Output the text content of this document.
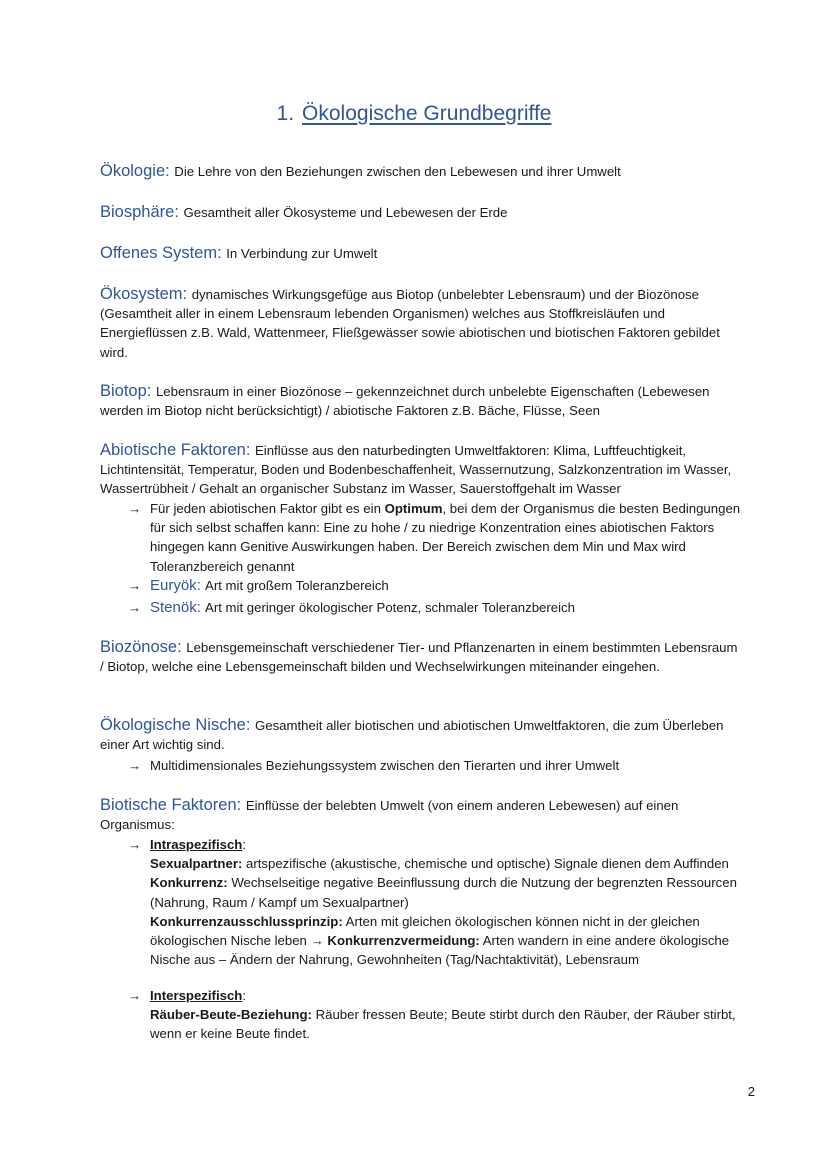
1. Ökologische Grundbegriffe
Ökologie: Die Lehre von den Beziehungen zwischen den Lebewesen und ihrer Umwelt
Biosphäre: Gesamtheit aller Ökosysteme und Lebewesen der Erde
Offenes System: In Verbindung zur Umwelt
Ökosystem: dynamisches Wirkungsgefüge aus Biotop (unbelebter Lebensraum) und der Biozönose (Gesamtheit aller in einem Lebensraum lebenden Organismen) welches aus Stoffkreisläufen und Energieflüssen z.B. Wald, Wattenmeer, Fließgewässer sowie abiotischen und biotischen Faktoren gebildet wird.
Biotop: Lebensraum in einer Biozönose – gekennzeichnet durch unbelebte Eigenschaften (Lebewesen werden im Biotop nicht berücksichtigt) / abiotische Faktoren z.B. Bäche, Flüsse, Seen
Abiotische Faktoren: Einflüsse aus den naturbedingten Umweltfaktoren: Klima, Luftfeuchtigkeit, Lichtintensität, Temperatur, Boden und Bodenbeschaffenheit, Wassernutzung, Salzkonzentration im Wasser, Wassertrübheit / Gehalt an organischer Substanz im Wasser, Sauerstoffgehalt im Wasser
→ Für jeden abiotischen Faktor gibt es ein Optimum, bei dem der Organismus die besten Bedingungen für sich selbst schaffen kann: Eine zu hohe / zu niedrige Konzentration eines abiotischen Faktors hingegen kann Genitive Auswirkungen haben. Der Bereich zwischen dem Min und Max wird Toleranzbereich genannt
→ Euryök: Art mit großem Toleranzbereich
→ Stenök: Art mit geringer ökologischer Potenz, schmaler Toleranzbereich
Biozönose: Lebensgemeinschaft verschiedener Tier- und Pflanzenarten in einem bestimmten Lebensraum / Biotop, welche eine Lebensgemeinschaft bilden und Wechselwirkungen miteinander eingehen.
Ökologische Nische: Gesamtheit aller biotischen und abiotischen Umweltfaktoren, die zum Überleben einer Art wichtig sind.
→ Multidimensionales Beziehungssystem zwischen den Tierarten und ihrer Umwelt
Biotische Faktoren: Einflüsse der belebten Umwelt (von einem anderen Lebewesen) auf einen Organismus:
→ Intraspezifisch:
Sexualpartner: artspezifische (akustische, chemische und optische) Signale dienen dem Auffinden
Konkurrenz: Wechselseitige negative Beeinflussung durch die Nutzung der begrenzten Ressourcen (Nahrung, Raum / Kampf um Sexualpartner)
Konkurrenzausschlussprinzip: Arten mit gleichen ökologischen können nicht in der gleichen ökologischen Nische leben → Konkurrenzvermeidung: Arten wandern in eine andere ökologische Nische aus – Ändern der Nahrung, Gewohnheiten (Tag/Nachtaktivität), Lebensraum
→ Interspezifisch:
Räuber-Beute-Beziehung: Räuber fressen Beute; Beute stirbt durch den Räuber, der Räuber stirbt, wenn er keine Beute findet.
2
